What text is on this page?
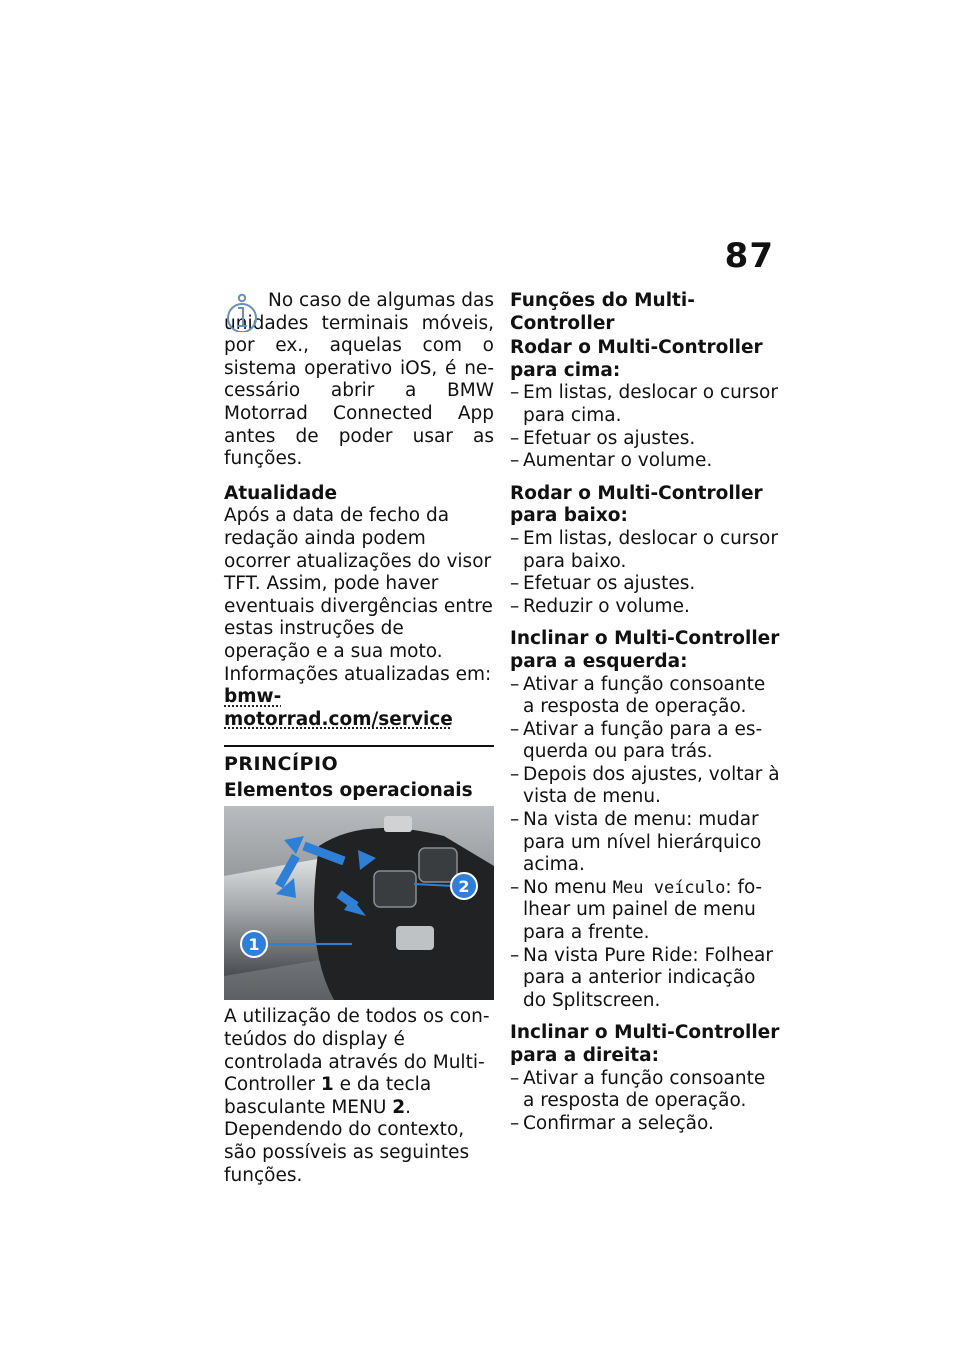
87

No caso de algumas das unidades terminais móveis, por ex., aquelas com o sistema operativo iOS, é necessário abrir a BMW Motorrad Connected App antes de poder usar as funções.

Atualidade

Após a data de fecho da redação ainda podem ocorrer atualizações do visor TFT. Assim, pode haver eventuais divergências entre estas instruções de operação e a sua moto. Informações atualizadas em:

bmw-motorrad.com/service

PRINCÍPIO

Elementos operacionais

1
2

A utilização de todos os conteúdos do display é controlada através do Multi-Controller 1 e da tecla basculante MENU 2. Dependendo do contexto, são possíveis as seguintes funções.

Funções do Multi-Controller

Rodar o Multi-Controller para cima:

– Em listas, deslocar o cursor para cima.
– Efetuar os ajustes.
– Aumentar o volume.

Rodar o Multi-Controller para baixo:

– Em listas, deslocar o cursor para baixo.
– Efetuar os ajustes.
– Reduzir o volume.

Inclinar o Multi-Controller para a esquerda:

– Ativar a função consoante a resposta de operação.
– Ativar a função para a esquerda ou para trás.
– Depois dos ajustes, voltar à vista de menu.
– Na vista de menu: mudar para um nível hierárquico acima.
– No menu Meu veículo: folhear um painel de menu para a frente.
– Na vista Pure Ride: Folhear para a anterior indicação do Splitscreen.

Inclinar o Multi-Controller para a direita:

– Ativar a função consoante a resposta de operação.
– Confirmar a seleção.
